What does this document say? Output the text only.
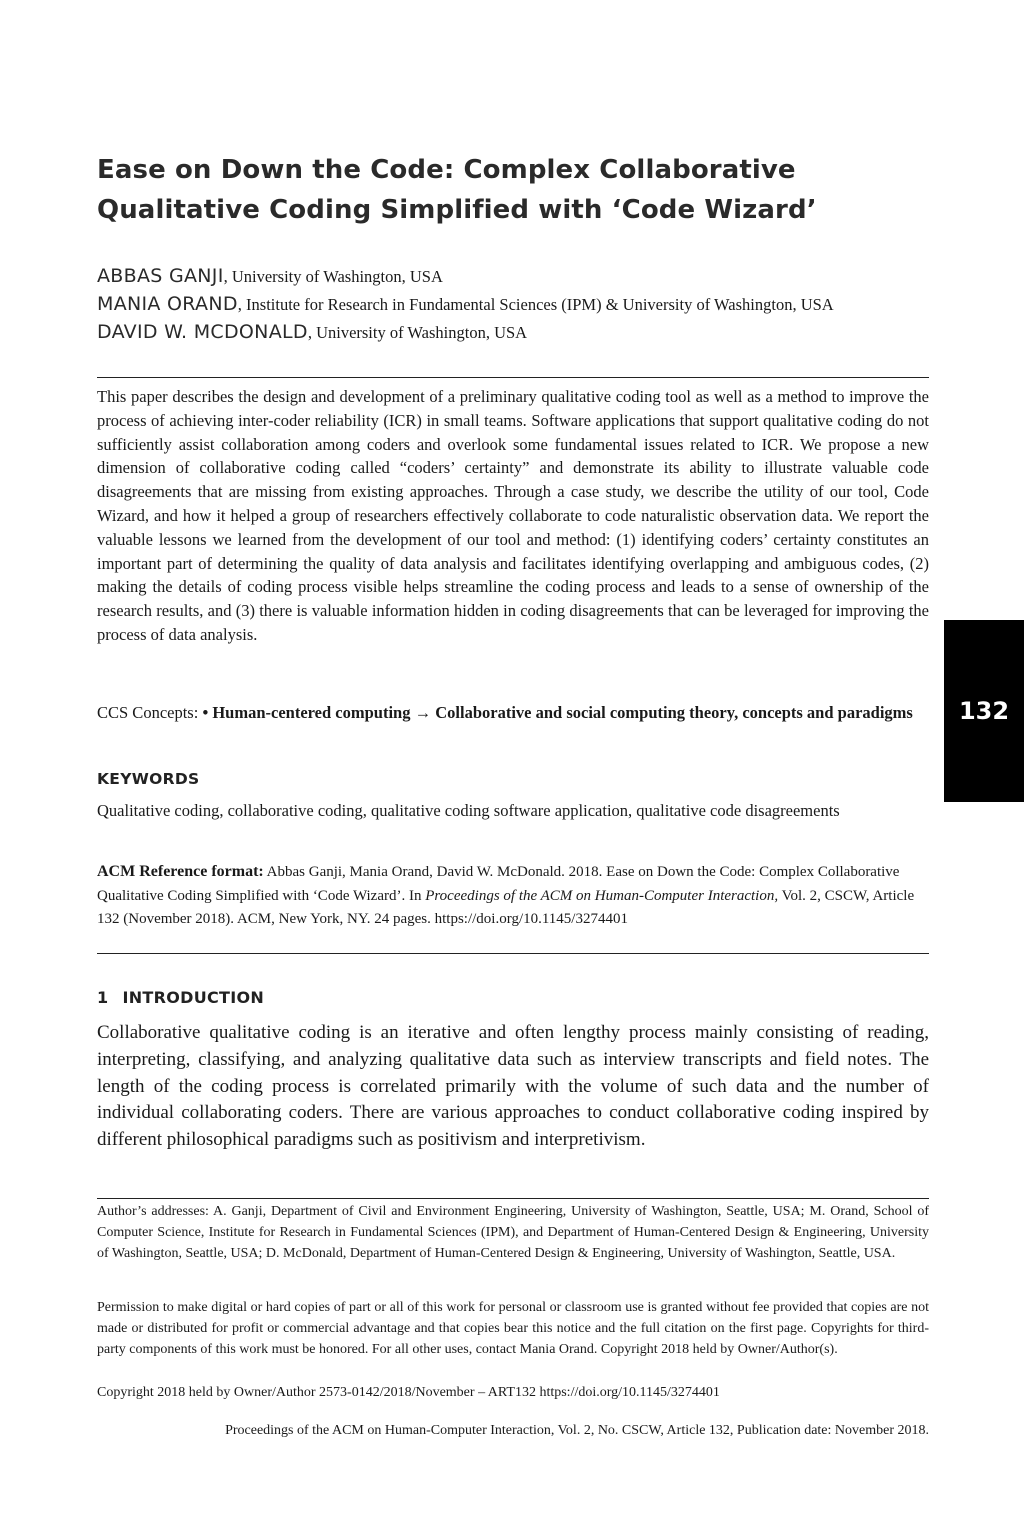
Ease on Down the Code: Complex Collaborative Qualitative Coding Simplified with ‘Code Wizard’
ABBAS GANJI, University of Washington, USA
MANIA ORAND, Institute for Research in Fundamental Sciences (IPM) & University of Washington, USA
DAVID W. MCDONALD, University of Washington, USA
This paper describes the design and development of a preliminary qualitative coding tool as well as a method to improve the process of achieving inter-coder reliability (ICR) in small teams. Software applications that support qualitative coding do not sufficiently assist collaboration among coders and overlook some fundamental issues related to ICR. We propose a new dimension of collaborative coding called “coders’ certainty” and demonstrate its ability to illustrate valuable code disagreements that are missing from existing approaches. Through a case study, we describe the utility of our tool, Code Wizard, and how it helped a group of researchers effectively collaborate to code naturalistic observation data. We report the valuable lessons we learned from the development of our tool and method: (1) identifying coders’ certainty constitutes an important part of determining the quality of data analysis and facilitates identifying overlapping and ambiguous codes, (2) making the details of coding process visible helps streamline the coding process and leads to a sense of ownership of the research results, and (3) there is valuable information hidden in coding disagreements that can be leveraged for improving the process of data analysis.
CCS Concepts: • Human-centered computing → Collaborative and social computing theory, concepts and paradigms
KEYWORDS
Qualitative coding, collaborative coding, qualitative coding software application, qualitative code disagreements
ACM Reference format: Abbas Ganji, Mania Orand, David W. McDonald. 2018. Ease on Down the Code: Complex Collaborative Qualitative Coding Simplified with ‘Code Wizard’. In Proceedings of the ACM on Human-Computer Interaction, Vol. 2, CSCW, Article 132 (November 2018). ACM, New York, NY. 24 pages. https://doi.org/10.1145/3274401
1 INTRODUCTION
Collaborative qualitative coding is an iterative and often lengthy process mainly consisting of reading, interpreting, classifying, and analyzing qualitative data such as interview transcripts and field notes. The length of the coding process is correlated primarily with the volume of such data and the number of individual collaborating coders. There are various approaches to conduct collaborative coding inspired by different philosophical paradigms such as positivism and interpretivism.
Author’s addresses: A. Ganji, Department of Civil and Environment Engineering, University of Washington, Seattle, USA; M. Orand, School of Computer Science, Institute for Research in Fundamental Sciences (IPM), and Department of Human-Centered Design & Engineering, University of Washington, Seattle, USA; D. McDonald, Department of Human-Centered Design & Engineering, University of Washington, Seattle, USA.
Permission to make digital or hard copies of part or all of this work for personal or classroom use is granted without fee provided that copies are not made or distributed for profit or commercial advantage and that copies bear this notice and the full citation on the first page. Copyrights for third-party components of this work must be honored. For all other uses, contact Mania Orand. Copyright 2018 held by Owner/Author(s).
Copyright 2018 held by Owner/Author 2573-0142/2018/November – ART132 https://doi.org/10.1145/3274401
Proceedings of the ACM on Human-Computer Interaction, Vol. 2, No. CSCW, Article 132, Publication date: November 2018.
132
